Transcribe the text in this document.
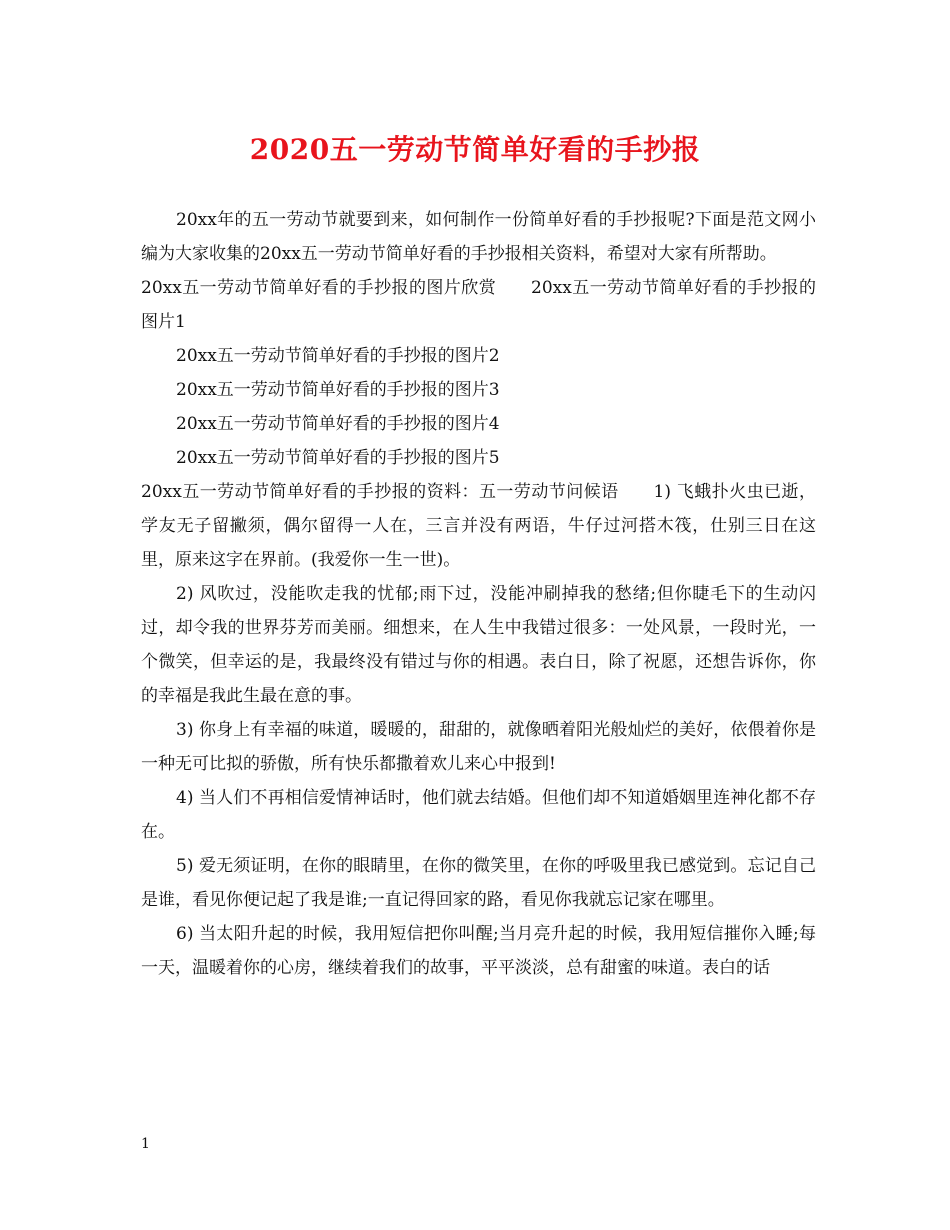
2020五一劳动节简单好看的手抄报

20xx年的五一劳动节就要到来，如何制作一份简单好看的手抄报呢?下面是范文网小编为大家收集的20xx五一劳动节简单好看的手抄报相关资料，希望对大家有所帮助。

20xx五一劳动节简单好看的手抄报的图片欣赏　　20xx五一劳动节简单好看的手抄报的图片1

20xx五一劳动节简单好看的手抄报的图片2

20xx五一劳动节简单好看的手抄报的图片3

20xx五一劳动节简单好看的手抄报的图片4

20xx五一劳动节简单好看的手抄报的图片5

20xx五一劳动节简单好看的手抄报的资料：五一劳动节问候语　　1) 飞蛾扑火虫已逝，学友无子留撇须，偶尔留得一人在，三言并没有两语，牛仔过河搭木筏，仕别三日在这里，原来这字在界前。(我爱你一生一世)。

2) 风吹过，没能吹走我的忧郁;雨下过，没能冲刷掉我的愁绪;但你睫毛下的生动闪过，却令我的世界芬芳而美丽。细想来，在人生中我错过很多：一处风景，一段时光，一个微笑，但幸运的是，我最终没有错过与你的相遇。表白日，除了祝愿，还想告诉你，你的幸福是我此生最在意的事。

3) 你身上有幸福的味道，暖暖的，甜甜的，就像晒着阳光般灿烂的美好，依偎着你是一种无可比拟的骄傲，所有快乐都撒着欢儿来心中报到!

4) 当人们不再相信爱情神话时，他们就去结婚。但他们却不知道婚姻里连神化都不存在。

5) 爱无须证明，在你的眼睛里，在你的微笑里，在你的呼吸里我已感觉到。忘记自己是谁，看见你便记起了我是谁;一直记得回家的路，看见你我就忘记家在哪里。

6) 当太阳升起的时候，我用短信把你叫醒;当月亮升起的时候，我用短信摧你入睡;每一天，温暖着你的心房，继续着我们的故事，平平淡淡，总有甜蜜的味道。表白的话

1
